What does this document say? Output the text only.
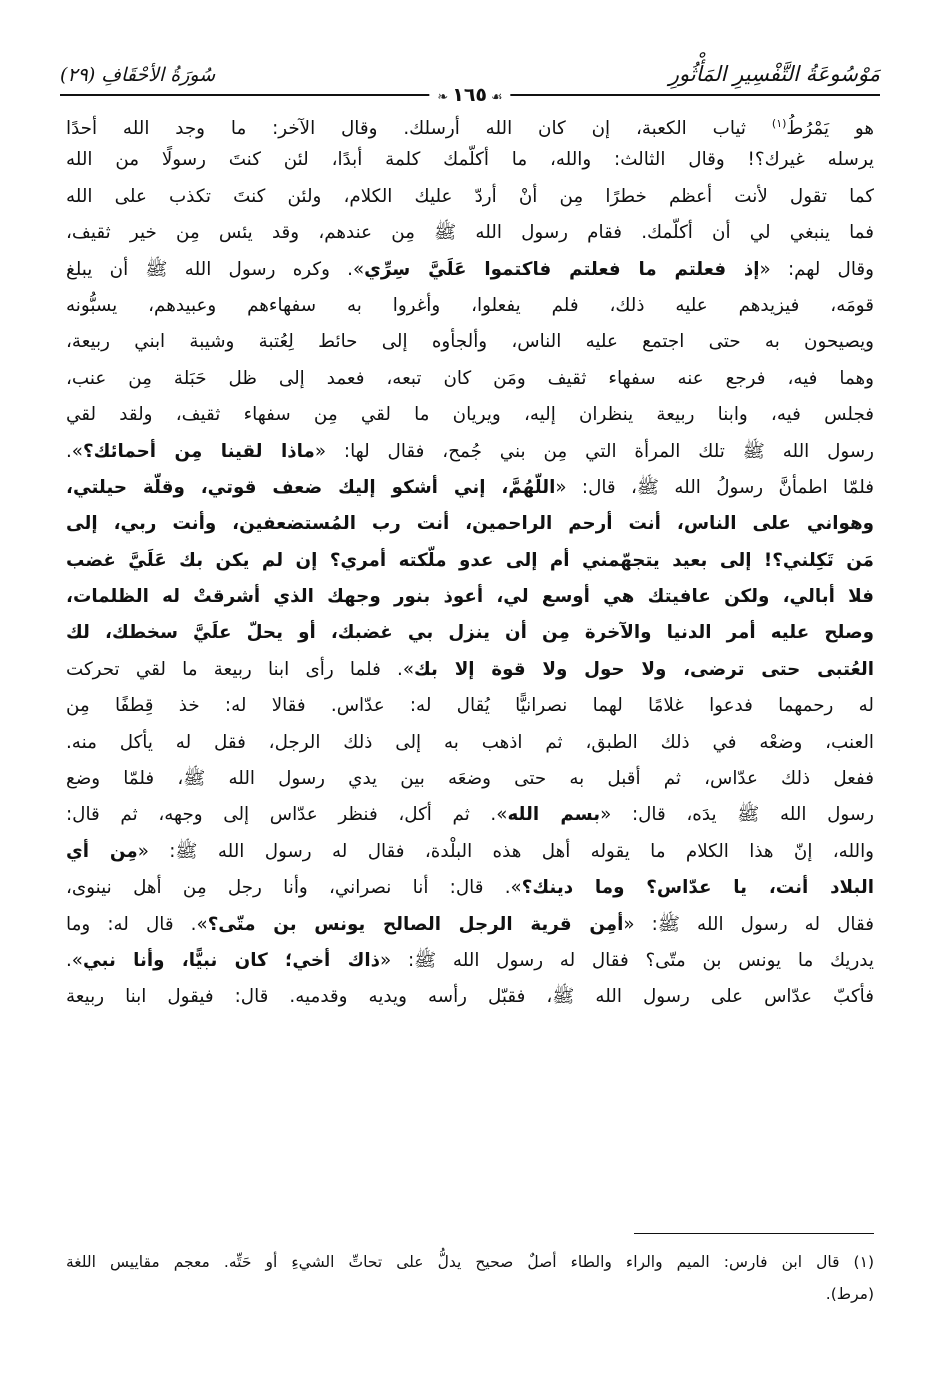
مَوْسُوعَةُ التَّفْسِيرِ المَأْثُورِ
❧ ١٦٥ ☙
سُورَةُ الأحْقَافِ (٢٩)
هو يَمْرُطُ$^{(١)}$ ثياب الكعبة، إن كان الله أرسلك. وقال الآخر: ما وجد الله أحدًا
يرسله غيرك؟! وقال الثالث: والله، ما أكلّمك كلمة أبدًا، لئن كنتَ رسولًا من الله
كما تقول لأنت أعظم خطرًا مِن أنْ أردّ عليك الكلام، ولئن كنتَ تكذب على الله
فما ينبغي لي أن أكلّمك. فقام رسول الله ﷺ مِن عندهم، وقد يئس مِن خير ثقيف،
وقال لهم: «إذ فعلتم ما فعلتم فاكتموا عَلَيَّ سِرِّي». وكره رسول الله ﷺ أن يبلغ
قومَه، فيزيدهم عليه ذلك، فلم يفعلوا، وأغروا به سفهاءهم وعبيدهم، يسبُّونه
ويصيحون به حتى اجتمع عليه الناس، وألجأوه إلى حائط لِعُتبة وشيبة ابني ربيعة،
وهما فيه، فرجع عنه سفهاء ثقيف ومَن كان تبعه، فعمد إلى ظل حَبَلة مِن عنب،
فجلس فيه، وابنا ربيعة ينظران إليه، ويريان ما لقي مِن سفهاء ثقيف، ولقد لقي
رسول الله ﷺ تلك المرأة التي مِن بني جُمح، فقال لها: «ماذا لقينا مِن أحمائك؟».
فلمّا اطمأنَّ رسولُ الله ﷺ، قال: «اللّهُمَّ، إني أشكو إليك ضعف قوتي، وقلّة حيلتي،
وهواني على الناس، أنت أرحم الراحمين، أنت رب المُستضعفين، وأنت ربي، إلى
مَن تَكِلني؟! إلى بعيد يتجهّمني أم إلى عدو ملّكته أمري؟ إن لم يكن بك عَلَيَّ غضب
فلا أبالي، ولكن عافيتك هي أوسع لي، أعوذ بنور وجهك الذي أشرقتْ له الظلمات،
وصلح عليه أمر الدنيا والآخرة مِن أن ينزل بي غضبك، أو يحلّ علَيَّ سخطك، لك
العُتبى حتى ترضى، ولا حول ولا قوة إلا بك». فلما رأى ابنا ربيعة ما لقي تحركت
له رحمهما فدعوا غلامًا لهما نصرانيًّا يُقال له: عدّاس. فقالا له: خذ قِطفًا مِن
العنب، وضعْه في ذلك الطبق، ثم اذهب به إلى ذلك الرجل، فقل له يأكل منه.
ففعل ذلك عدّاس، ثم أقبل به حتى وضعَه بين يدي رسول الله ﷺ، فلمّا وضع
رسول الله ﷺ يدَه، قال: «بسم الله». ثم أكل، فنظر عدّاس إلى وجهه، ثم قال:
والله، إنّ هذا الكلام ما يقوله أهل هذه البلْدة، فقال له رسول الله ﷺ: «مِن أي
البلاد أنت، يا عدّاس؟ وما دينك؟». قال: أنا نصراني، وأنا رجل مِن أهل نينوى،
فقال له رسول الله ﷺ: «أمِن قرية الرجل الصالح يونس بن متّى؟». قال له: وما
يدريك ما يونس بن متّى؟ فقال له رسول الله ﷺ: «ذاك أخي؛ كان نبيًّا، وأنا نبي».
فأكبّ عدّاس على رسول الله ﷺ، فقبّل رأسه ويديه وقدميه. قال: فيقول ابنا ربيعة
(١) قال ابن فارس: الميم والراء والطاء أصلٌ صحيح يدلُّ على تحاتِّ الشيءِ أو حَتِّه. معجم مقاييس اللغة
(مرط).
